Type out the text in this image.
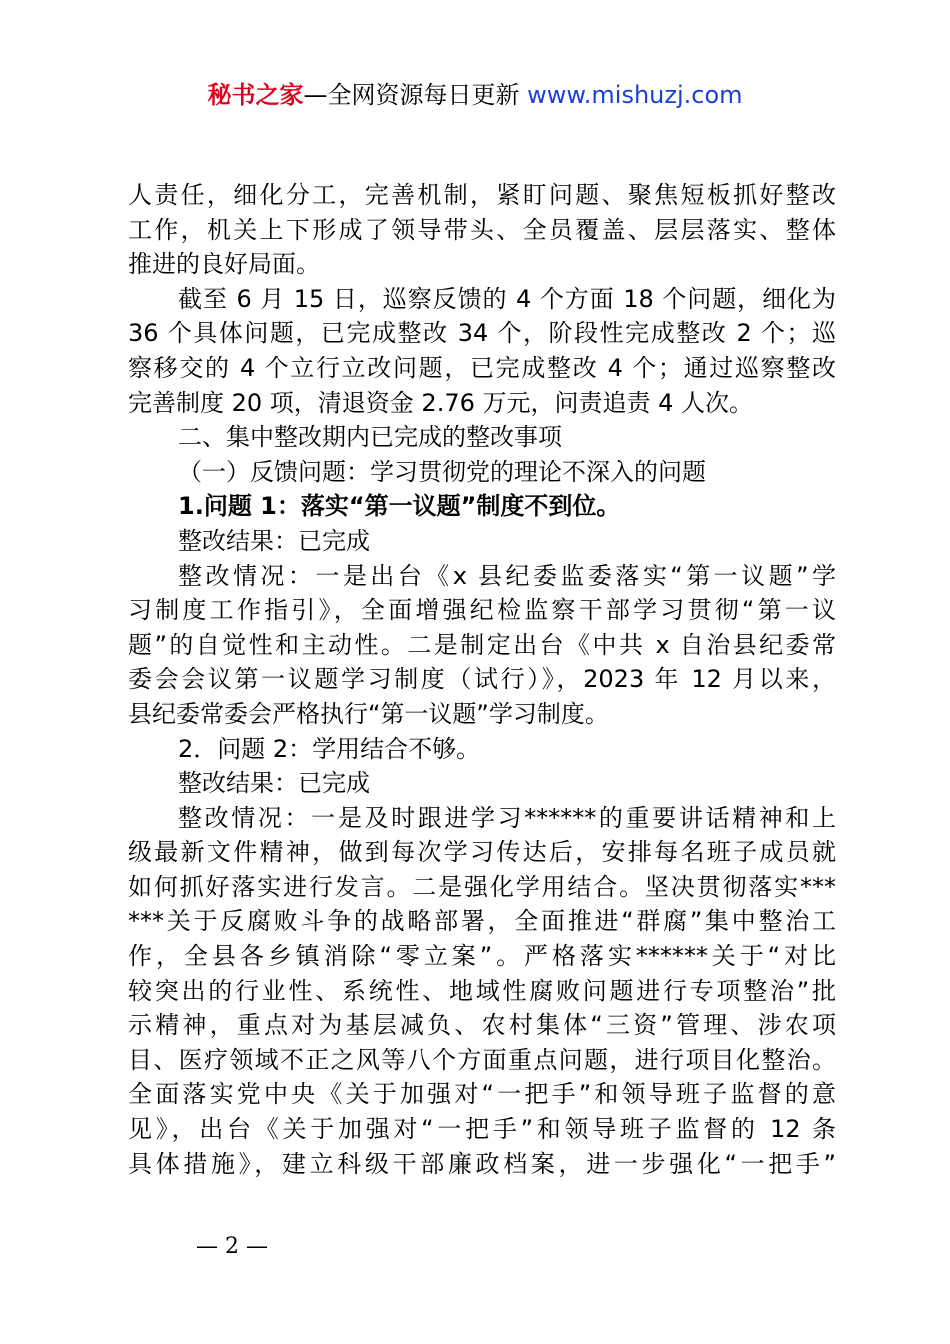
秘书之家—全网资源每日更新 www.mishuzj.com
人责任，细化分工，完善机制，紧盯问题、聚焦短板抓好整改
工作，机关上下形成了领导带头、全员覆盖、层层落实、整体
推进的良好局面。
截至 6 月 15 日，巡察反馈的 4 个方面 18 个问题，细化为
36 个具体问题，已完成整改 34 个，阶段性完成整改 2 个；巡
察移交的 4 个立行立改问题，已完成整改 4 个；通过巡察整改
完善制度 20 项，清退资金 2.76 万元，问责追责 4 人次。
二、集中整改期内已完成的整改事项
（一）反馈问题：学习贯彻党的理论不深入的问题
1.问题 1：落实“第一议题”制度不到位。
整改结果：已完成
整改情况：一是出台《x 县纪委监委落实“第一议题”学
习制度工作指引》，全面增强纪检监察干部学习贯彻“第一议
题”的自觉性和主动性。二是制定出台《中共 x 自治县纪委常
委会会议第一议题学习制度（试行）》，2023 年 12 月以来，
县纪委常委会严格执行“第一议题”学习制度。
2．问题 2：学用结合不够。
整改结果：已完成
整改情况：一是及时跟进学习******的重要讲话精神和上
级最新文件精神，做到每次学习传达后，安排每名班子成员就
如何抓好落实进行发言。二是强化学用结合。坚决贯彻落实***
***关于反腐败斗争的战略部署，全面推进“群腐”集中整治工
作，全县各乡镇消除“零立案”。严格落实******关于“对比
较突出的行业性、系统性、地域性腐败问题进行专项整治”批
示精神，重点对为基层减负、农村集体“三资”管理、涉农项
目、医疗领域不正之风等八个方面重点问题，进行项目化整治。
全面落实党中央《关于加强对“一把手”和领导班子监督的意
见》，出台《关于加强对“一把手”和领导班子监督的 12 条
具体措施》，建立科级干部廉政档案，进一步强化“一把手”
— 2 —
